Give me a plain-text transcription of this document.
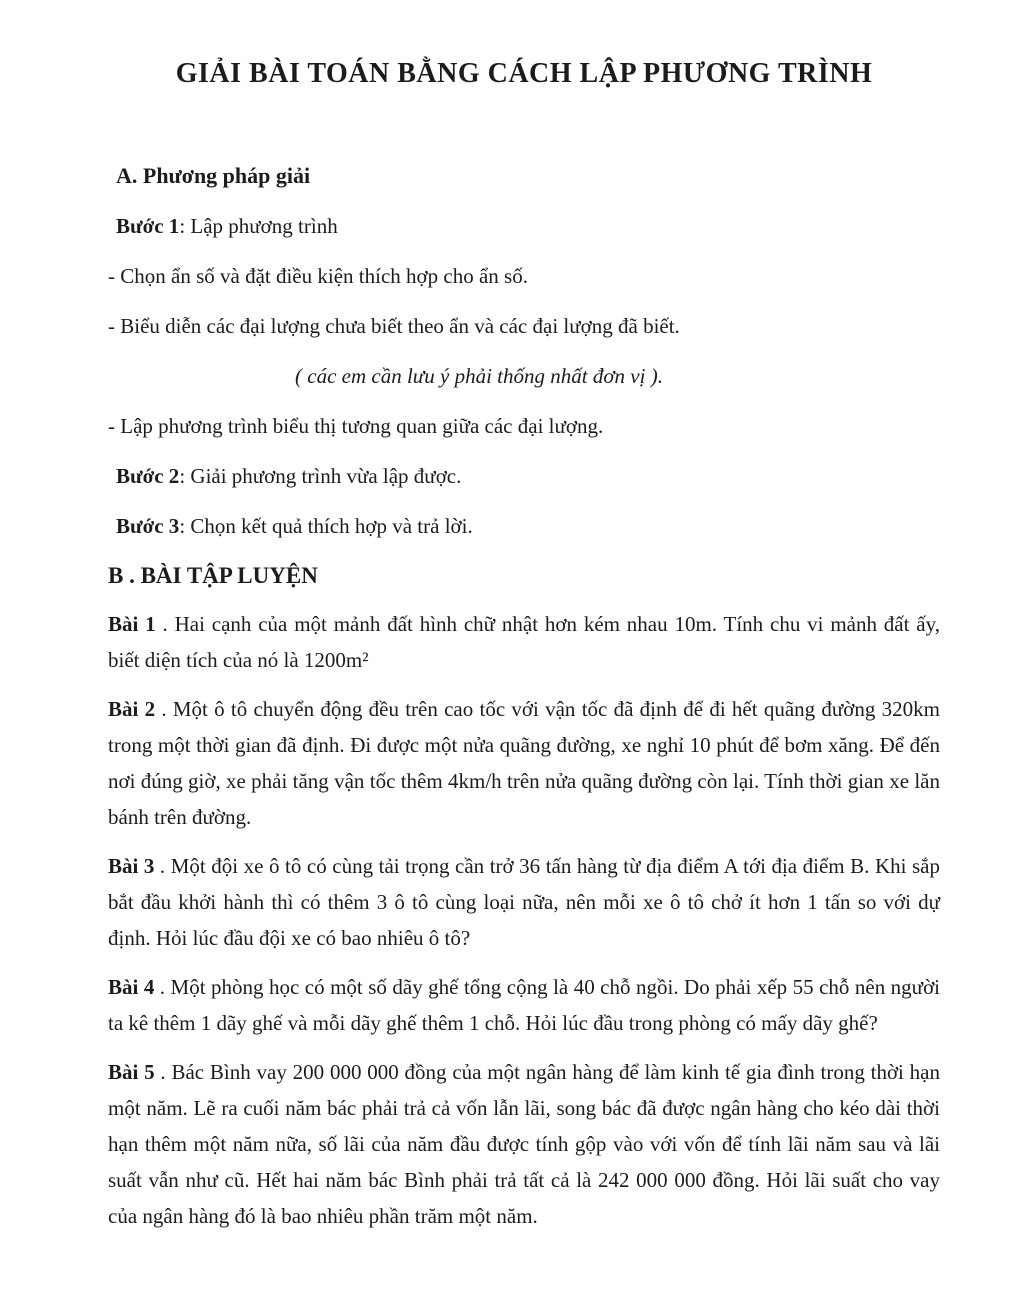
GIẢI BÀI TOÁN BẰNG CÁCH LẬP PHƯƠNG TRÌNH
A. Phương pháp giải

Bước 1: Lập phương trình

- Chọn ẩn số và đặt điều kiện thích hợp cho ẩn số.

- Biểu diễn các đại lượng chưa biết theo ẩn và các đại lượng đã biết.

( các em cần lưu ý phải thống nhất đơn vị ).

- Lập phương trình biểu thị tương quan giữa các đại lượng.

Bước 2: Giải phương trình vừa lập được.

Bước 3: Chọn kết quả thích hợp và trả lời.

B . BÀI TẬP LUYỆN

Bài 1 . Hai cạnh của một mảnh đất hình chữ nhật hơn kém nhau 10m. Tính chu vi mảnh đất ấy, biết diện tích của nó là 1200m²

Bài 2 . Một ô tô chuyển động đều trên cao tốc với vận tốc đã định để đi hết quãng đường 320km trong một thời gian đã định. Đi được một nửa quãng đường, xe nghỉ 10 phút để bơm xăng. Để đến nơi đúng giờ, xe phải tăng vận tốc thêm 4km/h trên nửa quãng đường còn lại. Tính thời gian xe lăn bánh trên đường.

Bài 3 . Một đội xe ô tô có cùng tải trọng cần trở 36 tấn hàng từ địa điểm A tới địa điểm B. Khi sắp bắt đầu khởi hành thì có thêm 3 ô tô cùng loại nữa, nên mỗi xe ô tô chở ít hơn 1 tấn so với dự định. Hỏi lúc đầu đội xe có bao nhiêu ô tô?

Bài 4 . Một phòng học có một số dãy ghế tổng cộng là 40 chỗ ngồi. Do phải xếp 55 chỗ nên người ta kê thêm 1 dãy ghế và mỗi dãy ghế thêm 1 chỗ. Hỏi lúc đầu trong phòng có mấy dãy ghế?

Bài 5 . Bác Bình vay 200 000 000 đồng của một ngân hàng để làm kinh tế gia đình trong thời hạn một năm. Lẽ ra cuối năm bác phải trả cả vốn lẫn lãi, song bác đã được ngân hàng cho kéo dài thời hạn thêm một năm nữa, số lãi của năm đầu được tính gộp vào với vốn để tính lãi năm sau và lãi suất vẫn như cũ. Hết hai năm bác Bình phải trả tất cả là 242 000 000 đồng. Hỏi lãi suất cho vay của ngân hàng đó là bao nhiêu phần trăm một năm.
